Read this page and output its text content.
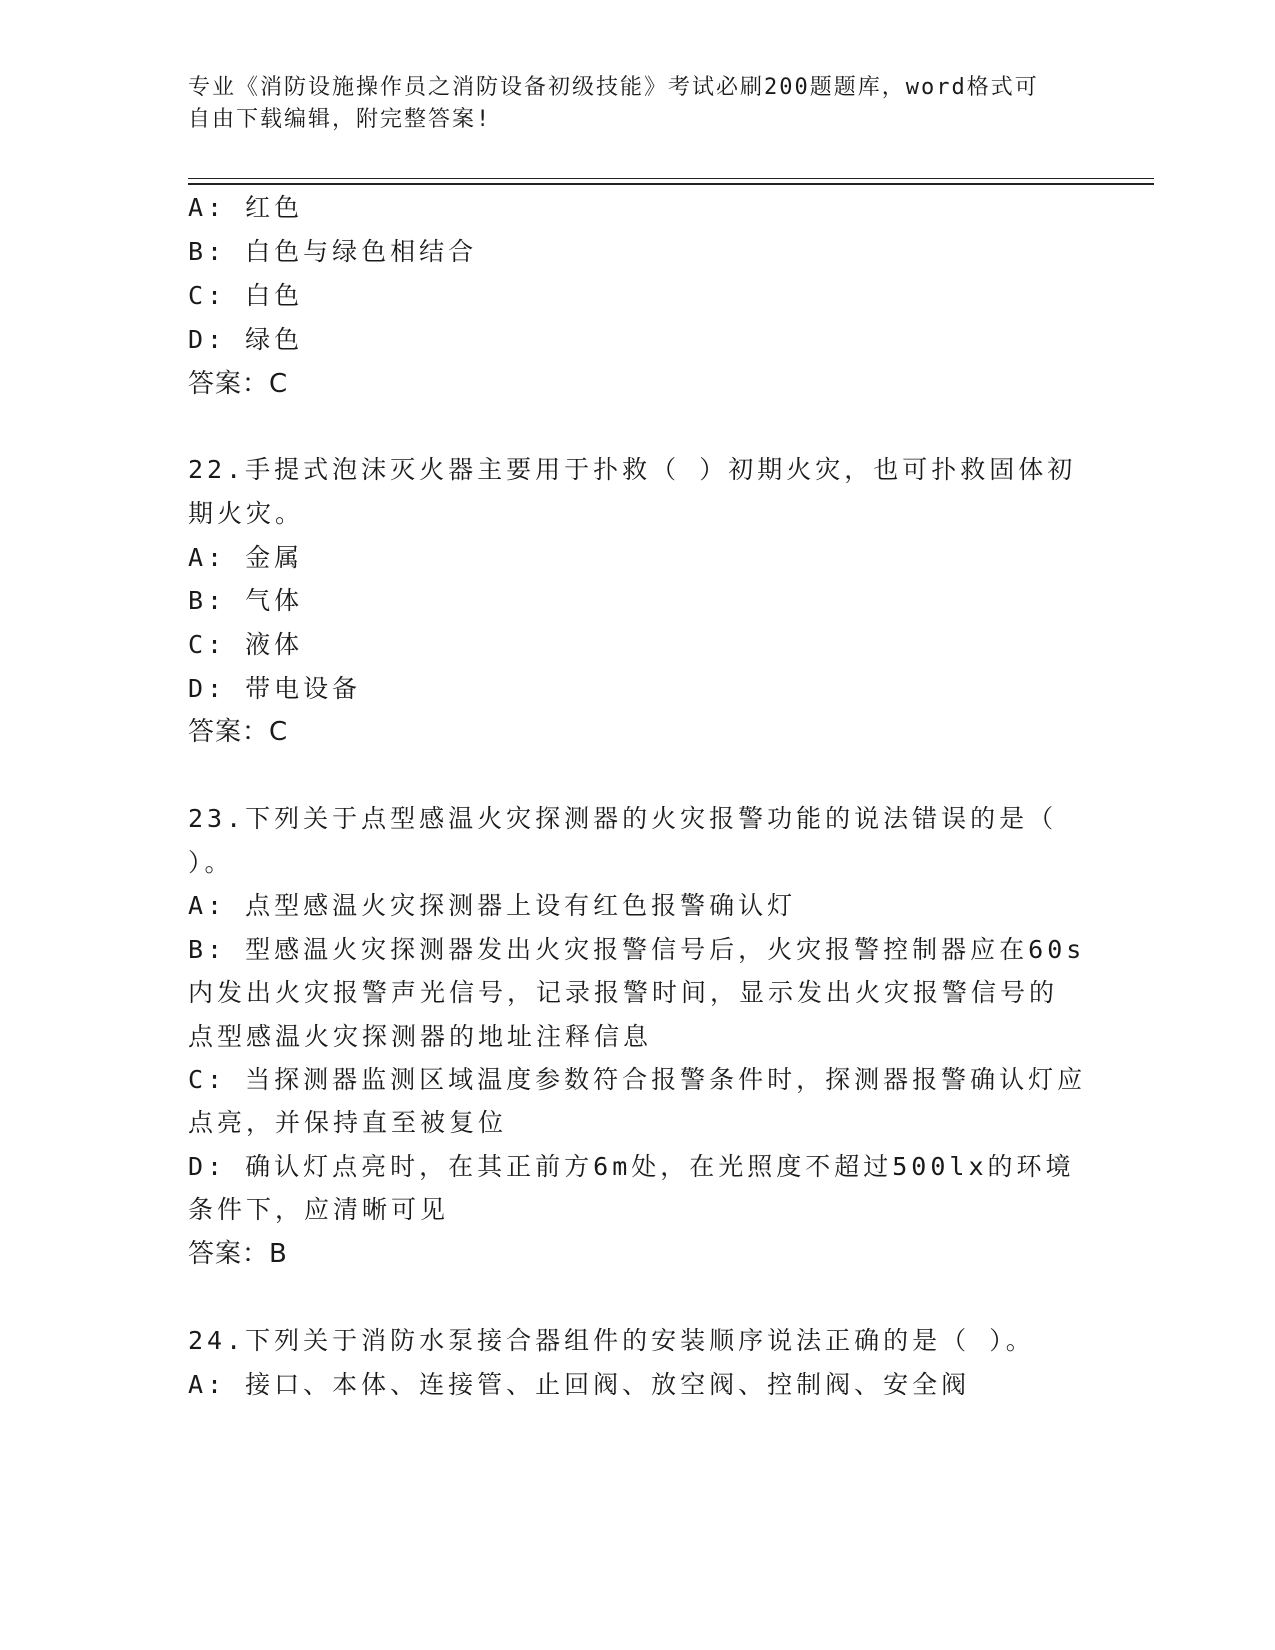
专业《消防设施操作员之消防设备初级技能》考试必刷200题题库，word格式可
自由下载编辑，附完整答案!
A: 红色
B: 白色与绿色相结合
C: 白色
D: 绿色
答案：C
22.手提式泡沫灭火器主要用于扑救（ ）初期火灾，也可扑救固体初
期火灾。
A: 金属
B: 气体
C: 液体
D: 带电设备
答案：C
23.下列关于点型感温火灾探测器的火灾报警功能的说法错误的是（
）。
A: 点型感温火灾探测器上设有红色报警确认灯
B: 型感温火灾探测器发出火灾报警信号后，火灾报警控制器应在60s
内发出火灾报警声光信号，记录报警时间，显示发出火灾报警信号的
点型感温火灾探测器的地址注释信息
C: 当探测器监测区域温度参数符合报警条件时，探测器报警确认灯应
点亮，并保持直至被复位
D: 确认灯点亮时，在其正前方6m处，在光照度不超过500lx的环境
条件下，应清晰可见
答案：B
24.下列关于消防水泵接合器组件的安装顺序说法正确的是（ ）。
A: 接口、本体、连接管、止回阀、放空阀、控制阀、安全阀
